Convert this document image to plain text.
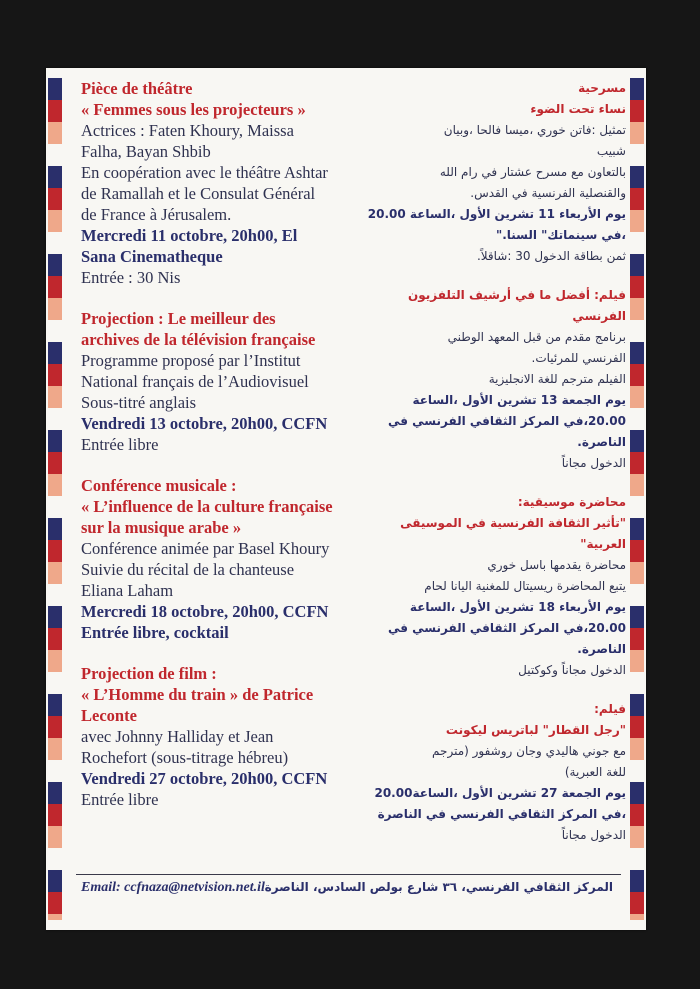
Pièce de théâtre
« Femmes sous les projecteurs »
Actrices : Faten Khoury, Maissa
Falha, Bayan Shbib
En coopération avec le théâtre Ashtar
de Ramallah et le Consulat Général
de France à Jérusalem.
Mercredi 11 octobre, 20h00, El
Sana Cinematheque
Entrée : 30 Nis
Projection : Le meilleur des
archives de la télévision française
Programme proposé par l’Institut
National français de l’Audiovisuel
Sous-titré anglais
Vendredi 13 octobre, 20h00, CCFN
Entrée libre
Conférence musicale :
« L’influence de la culture française
sur la musique arabe »
Conférence animée par Basel Khoury
Suivie du récital de la chanteuse
Eliana Laham
Mercredi 18 octobre, 20h00, CCFN
Entrée libre, cocktail
Projection de film :
« L’Homme du train » de Patrice
Leconte
avec Johnny Halliday et Jean
Rochefort (sous-titrage hébreu)
Vendredi 27 octobre, 20h00, CCFN
Entrée libre
مسرحية
نساء تحت الضوء
تمثيل :فاتن خوري ،ميسا فالحا ،وبيان
شبيب
بالتعاون مع مسرح عشتار في رام الله
والقنصلية الفرنسية في القدس.
يوم الأربعاء 11 تشرين الأول ،الساعة 20.00
،في سينماتك" السنا."
ثمن بطاقة الدخول 30 :شاقلاً.
فيلم: أفضل ما في أرشيف التلفزيون
الفرنسي
برنامج مقدم من قبل المعهد الوطني
الفرنسي للمرئيات.
الفيلم مترجم للغة الانجليزية
يوم الجمعة 13 تشرين الأول ،الساعة
20.00،في المركز الثقافي الفرنسي في
الناصرة.
الدخول مجاناً
محاضرة موسيقية:
"تأثير الثقافة الفرنسية في الموسيقى
العربية"
محاضرة يقدمها باسل خوري
يتبع المحاضرة ريسيتال للمغنية اليانا لحام
يوم الأربعاء 18 تشرين الأول ،الساعة
20.00،في المركز الثقافي الفرنسي في
الناصرة.
الدخول مجاناً وكوكتيل
فيلم:
"رجل القطار" لباتريس ليكونت
مع جوني هاليدي وجان روشفور (مترجم
للغة العبرية)
يوم الجمعة 27 تشرين الأول ،الساعة20.00
،في المركز الثقافي الفرنسي في الناصرة
الدخول مجاناً
Email: ccfnaza@netvision.net.il المركز الثقافي الفرنسي، ٣٦ شارع بولص السادس، الناصرة
